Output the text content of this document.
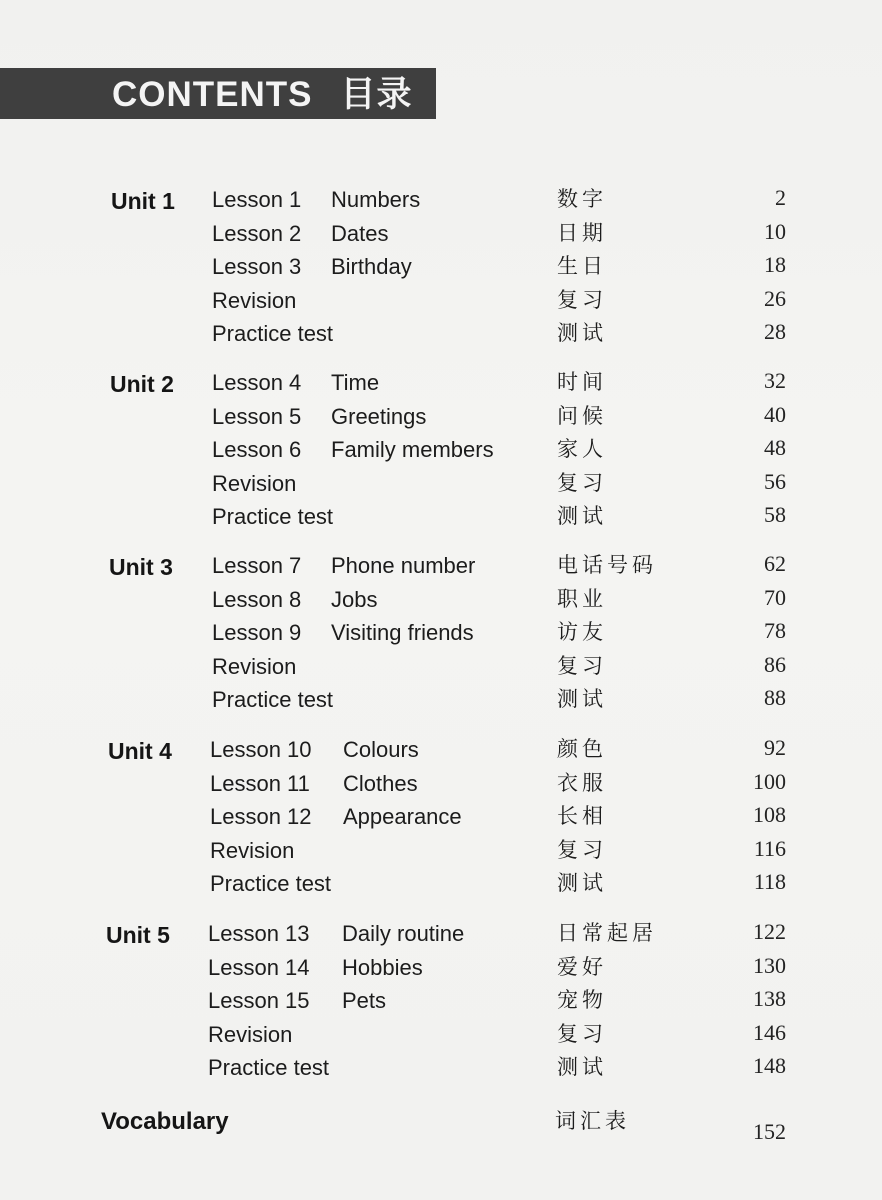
CONTENTS 目录
Unit 1 Lesson 1 Numbers	数字	2
Lesson 2 Dates	日期	10
Lesson 3 Birthday	生日	18
Revision	复习	26
Practice test	测试	28
Unit 2 Lesson 4 Time	时间	32
Lesson 5 Greetings	问候	40
Lesson 6 Family members	家人	48
Revision	复习	56
Practice test	测试	58
Unit 3 Lesson 7 Phone number	电话号码	62
Lesson 8 Jobs	职业	70
Lesson 9 Visiting friends	访友	78
Revision	复习	86
Practice test	测试	88
Unit 4 Lesson 10 Colours	颜色	92
Lesson 11 Clothes	衣服	100
Lesson 12 Appearance	长相	108
Revision	复习	116
Practice test	测试	118
Unit 5 Lesson 13 Daily routine	日常起居	122
Lesson 14 Hobbies	爱好	130
Lesson 15 Pets	宠物	138
Revision	复习	146
Practice test	测试	148
Vocabulary	词汇表	152
